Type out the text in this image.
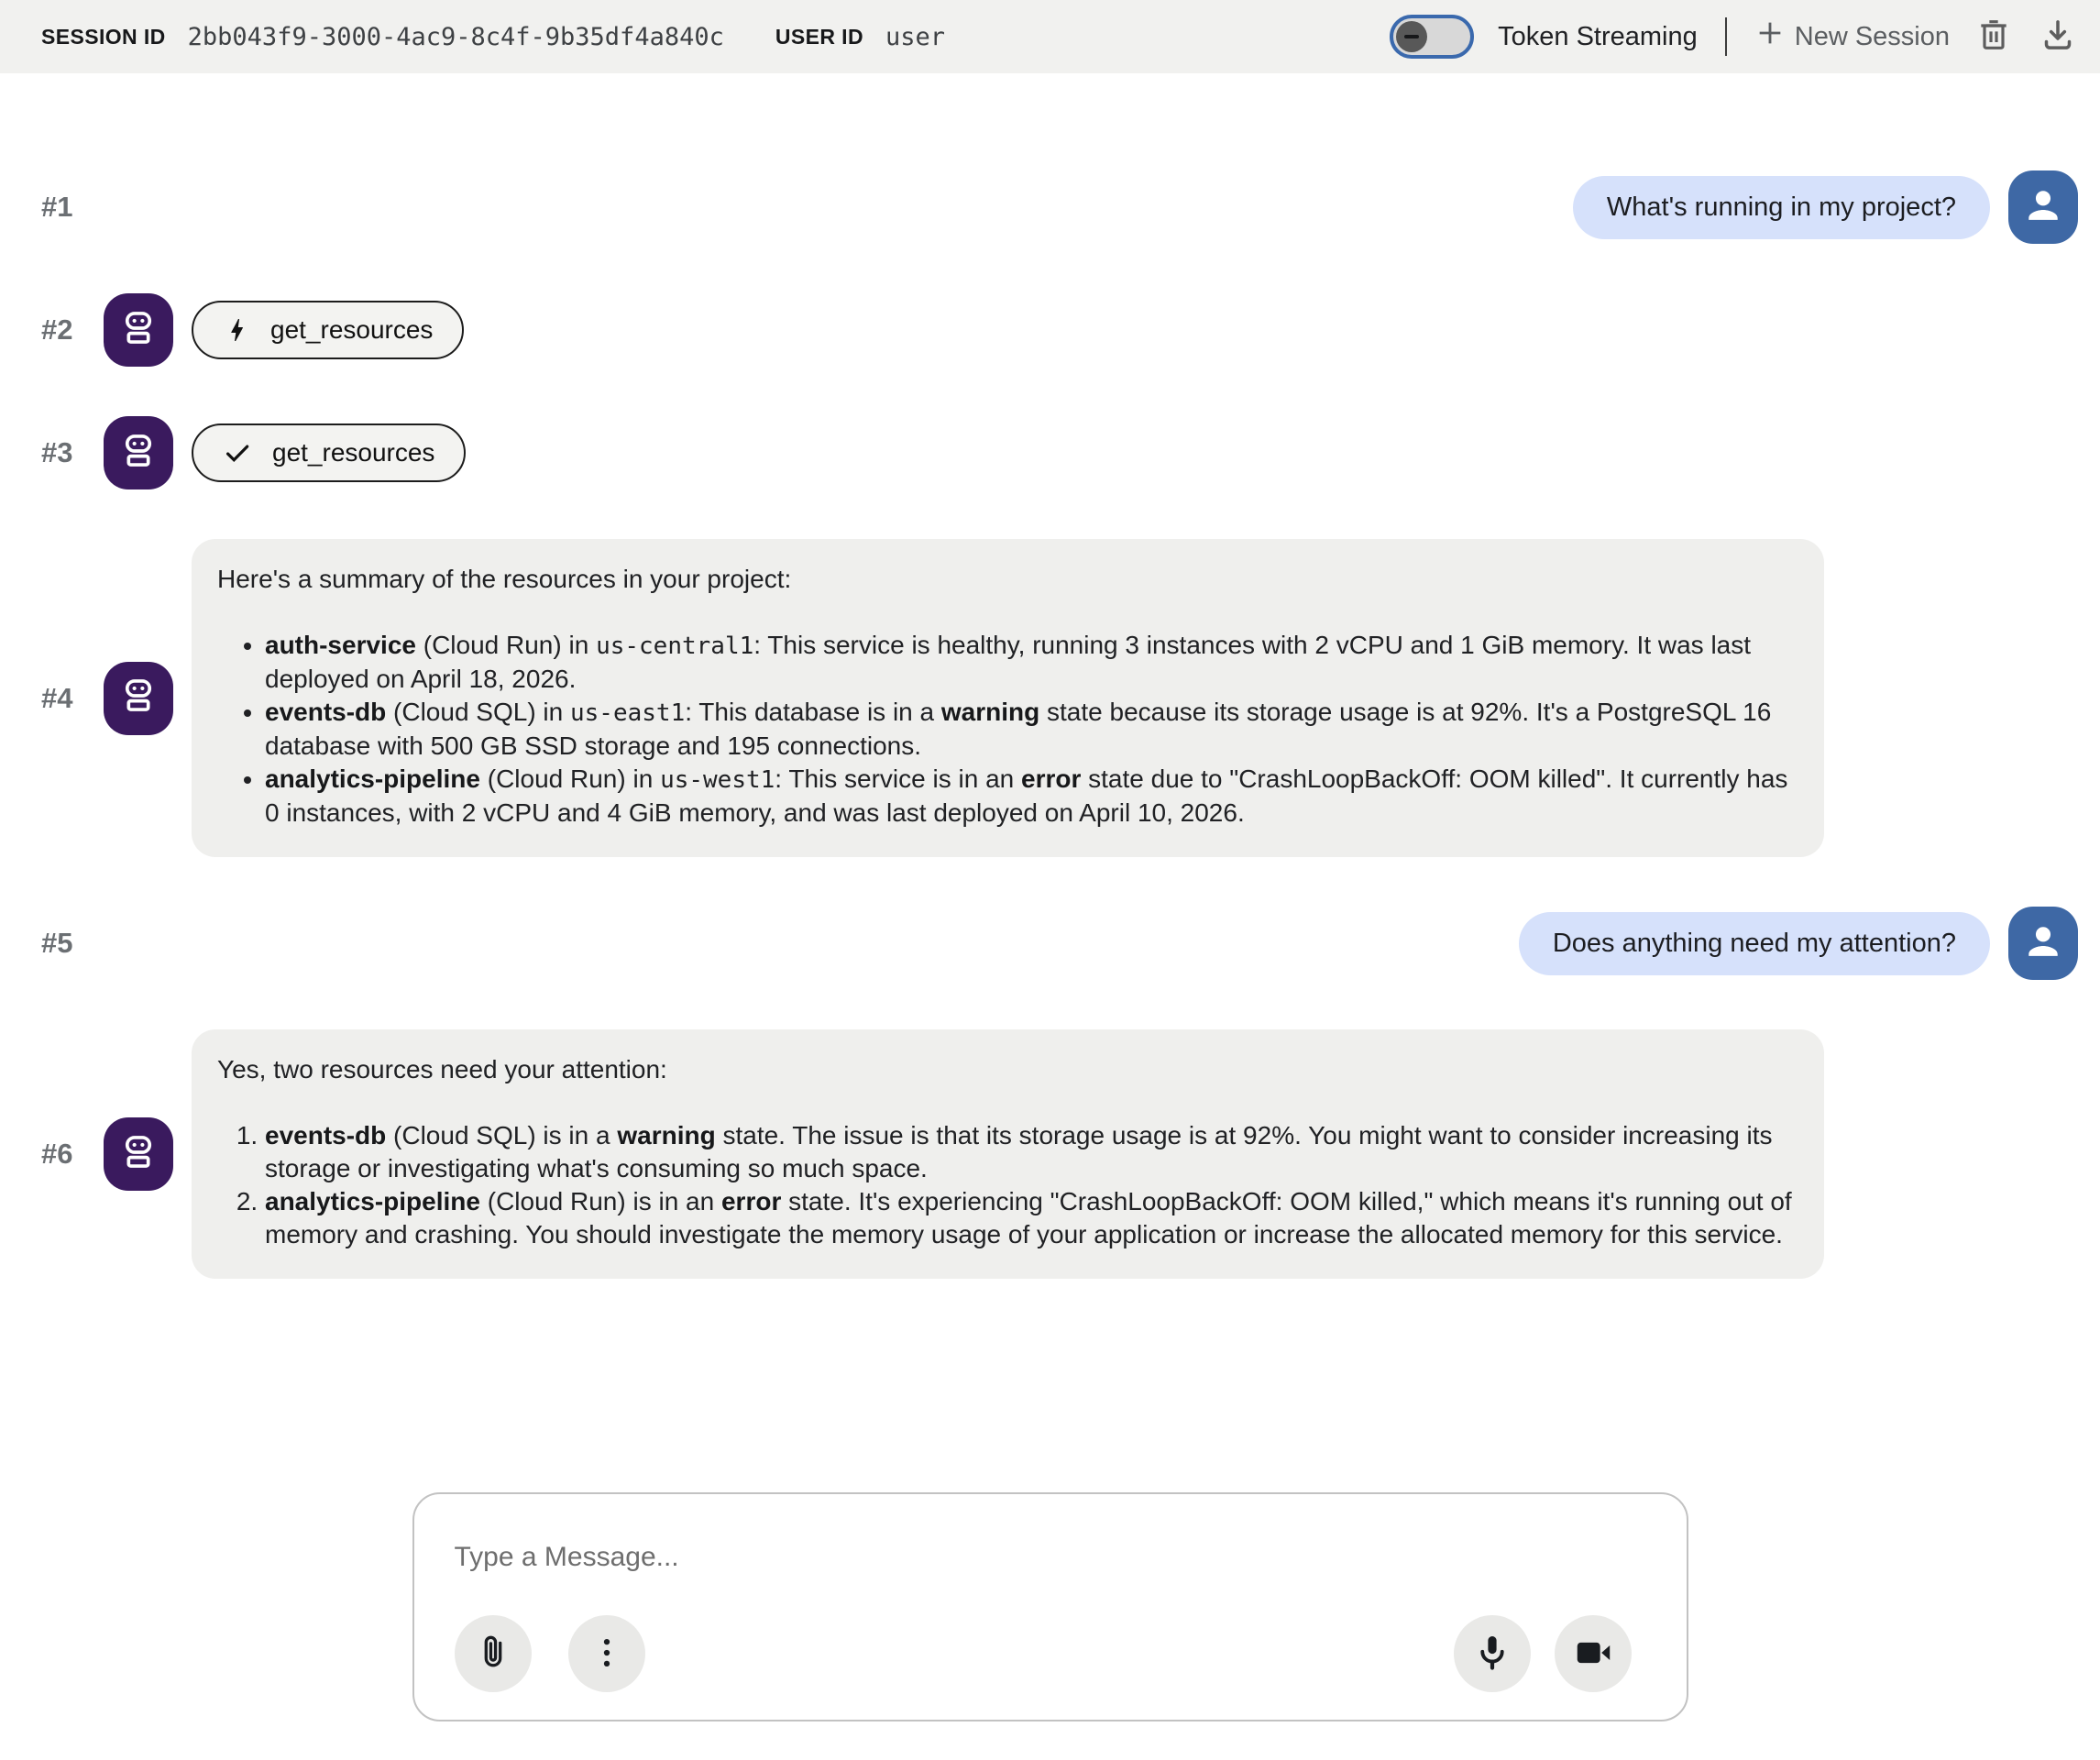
SESSION ID 2bb043f9-3000-4ac9-8c4f-9b35df4a840c USER ID user	Token Streaming	New Session
#1	What's running in my project?
#2	get_resources
#3	get_resources
#4

Here's a summary of the resources in your project:

• auth-service (Cloud Run) in us-central1: This service is healthy, running 3 instances with 2 vCPU and 1 GiB memory. It was last deployed on April 18, 2026.
• events-db (Cloud SQL) in us-east1: This database is in a warning state because its storage usage is at 92%. It's a PostgreSQL 16 database with 500 GB SSD storage and 195 connections.
• analytics-pipeline (Cloud Run) in us-west1: This service is in an error state due to "CrashLoopBackOff: OOM killed". It currently has 0 instances, with 2 vCPU and 4 GiB memory, and was last deployed on April 10, 2026.
#5	Does anything need my attention?
#6

Yes, two resources need your attention:

1. events-db (Cloud SQL) is in a warning state. The issue is that its storage usage is at 92%. You might want to consider increasing its storage or investigating what's consuming so much space.
2. analytics-pipeline (Cloud Run) is in an error state. It's experiencing "CrashLoopBackOff: OOM killed," which means it's running out of memory and crashing. You should investigate the memory usage of your application or increase the allocated memory for this service.
Type a Message...
